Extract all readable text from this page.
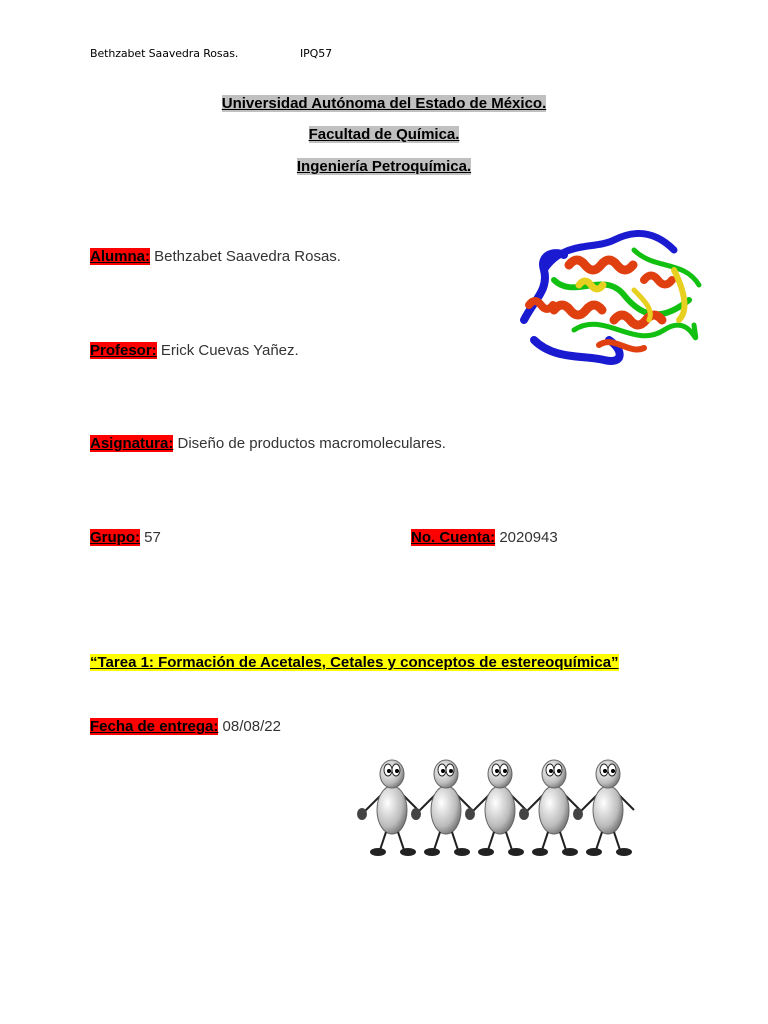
Bethzabet Saavedra Rosas.	IPQ57
Universidad Autónoma del Estado de México.
Facultad de Química.
Ingeniería Petroquímica.
Alumna: Bethzabet Saavedra Rosas.
Profesor: Erick Cuevas Yañez.
Asignatura: Diseño de productos macromoleculares.
Grupo: 57	No. Cuenta: 2020943
“Tarea 1: Formación de Acetales, Cetales y conceptos de estereoquímica”
Fecha de entrega: 08/08/22
